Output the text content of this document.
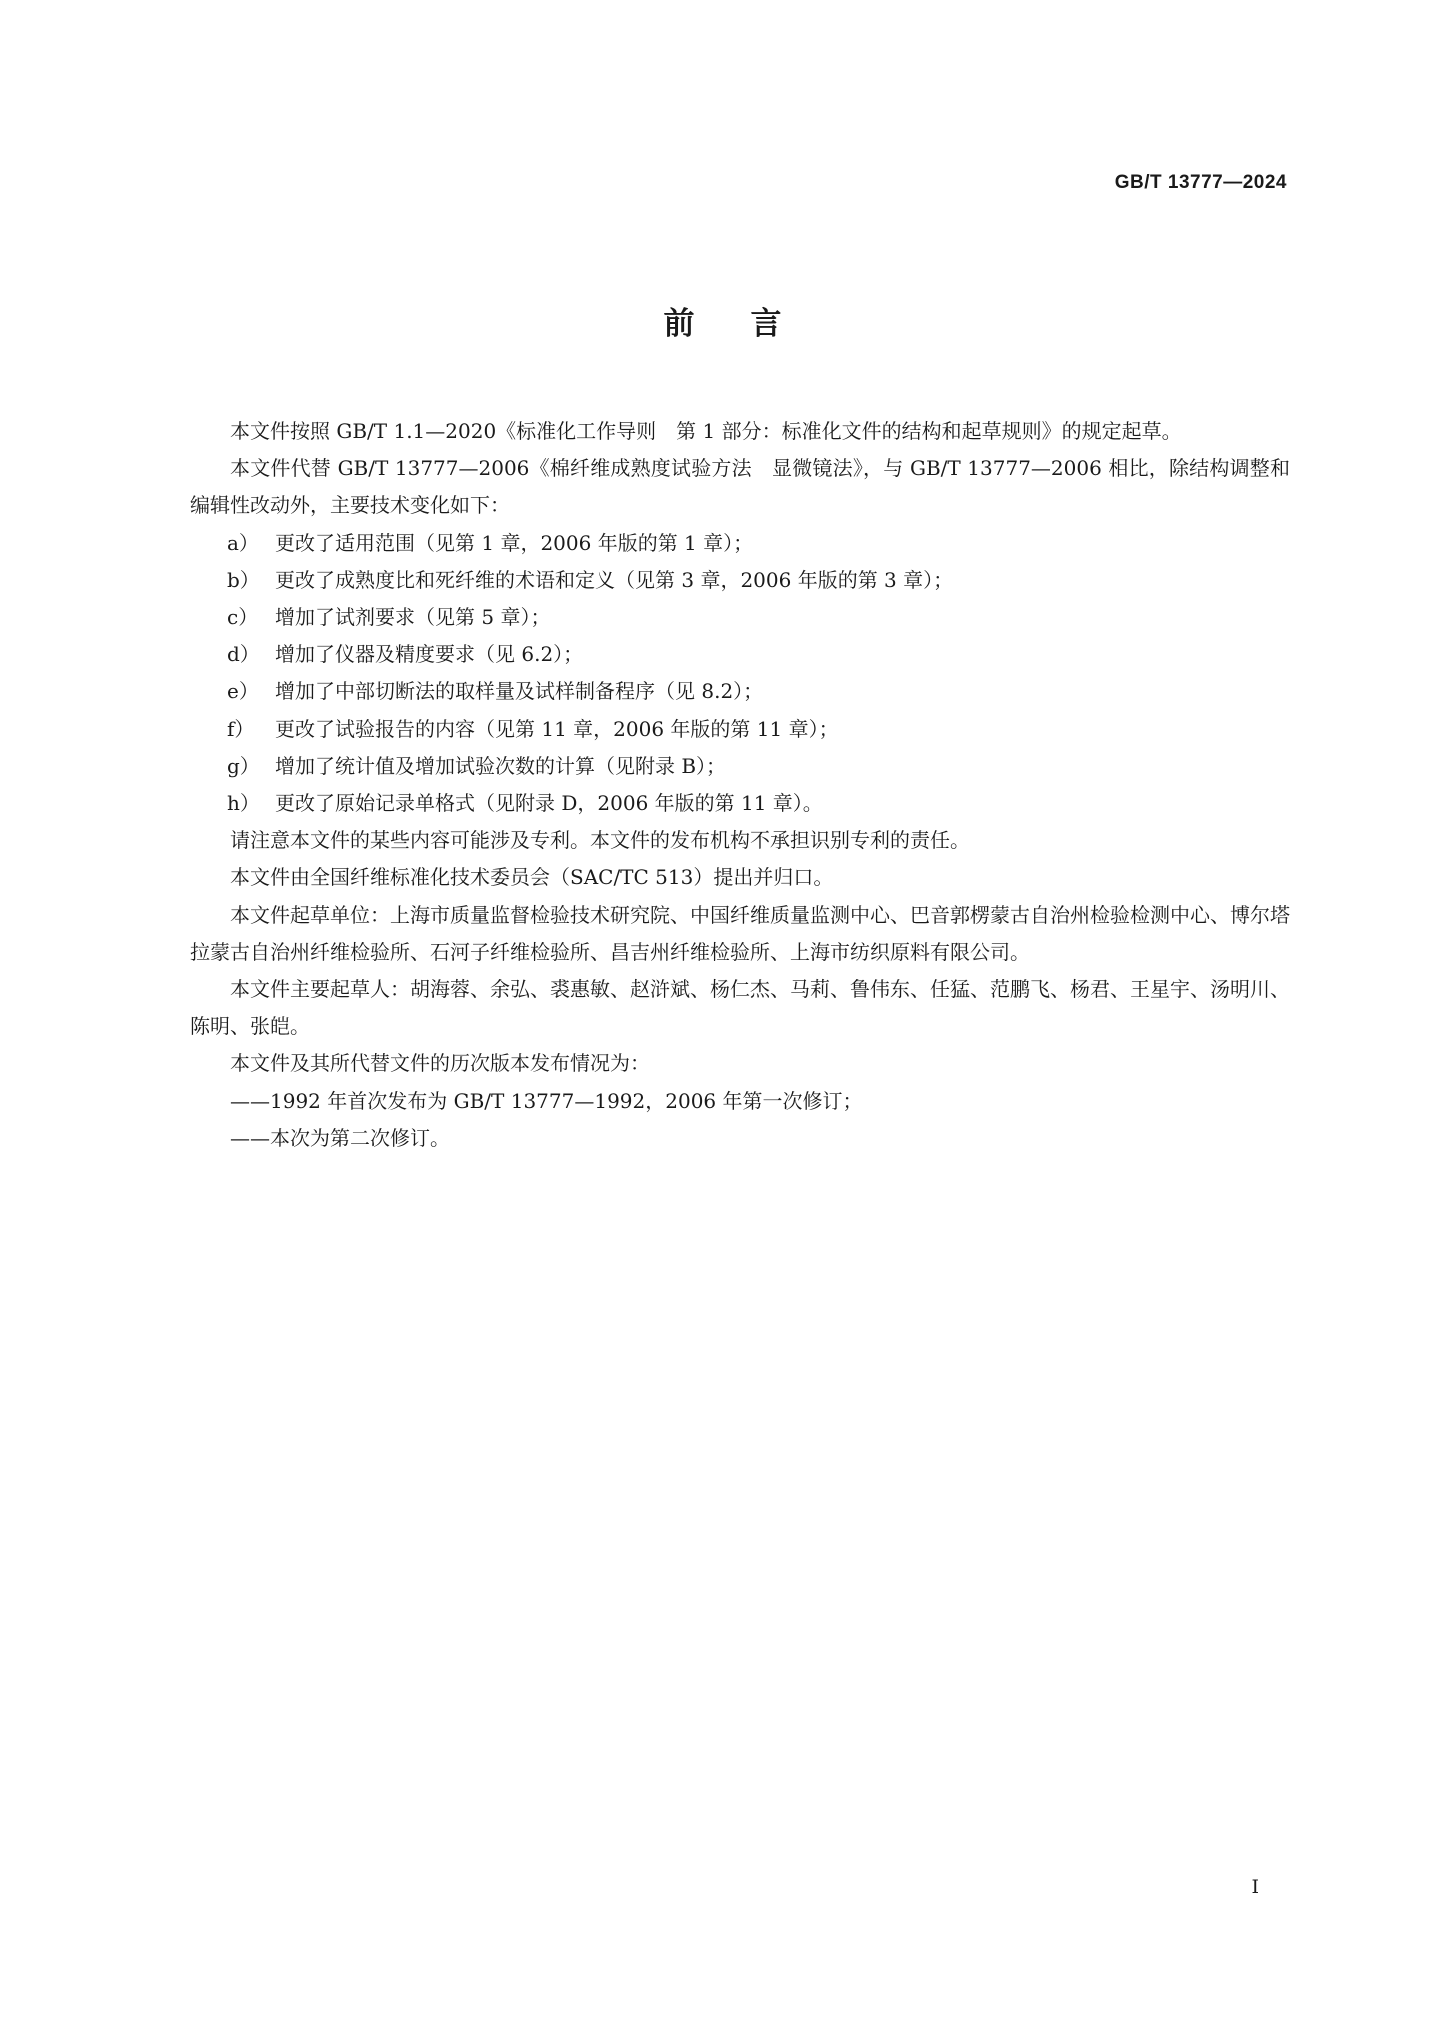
GB/T 13777—2024
前言

本文件按照 GB/T 1.1—2020《标准化工作导则　第 1 部分：标准化文件的结构和起草规则》的规定起草。

本文件代替 GB/T 13777—2006《棉纤维成熟度试验方法　显微镜法》，与 GB/T 13777—2006 相比，除结构调整和编辑性改动外，主要技术变化如下：

a） 更改了适用范围（见第 1 章，2006 年版的第 1 章）；

b） 更改了成熟度比和死纤维的术语和定义（见第 3 章，2006 年版的第 3 章）；

c） 增加了试剂要求（见第 5 章）；

d） 增加了仪器及精度要求（见 6.2）；

e） 增加了中部切断法的取样量及试样制备程序（见 8.2）；

f） 更改了试验报告的内容（见第 11 章，2006 年版的第 11 章）；

g） 增加了统计值及增加试验次数的计算（见附录 B）；

h） 更改了原始记录单格式（见附录 D，2006 年版的第 11 章）。

请注意本文件的某些内容可能涉及专利。本文件的发布机构不承担识别专利的责任。

本文件由全国纤维标准化技术委员会（SAC/TC 513）提出并归口。

本文件起草单位：上海市质量监督检验技术研究院、中国纤维质量监测中心、巴音郭楞蒙古自治州检验检测中心、博尔塔拉蒙古自治州纤维检验所、石河子纤维检验所、昌吉州纤维检验所、上海市纺织原料有限公司。

本文件主要起草人：胡海蓉、余弘、裘惠敏、赵浒斌、杨仁杰、马莉、鲁伟东、任猛、范鹏飞、杨君、王星宇、汤明川、陈明、张皑。

本文件及其所代替文件的历次版本发布情况为：

——1992 年首次发布为 GB/T 13777—1992，2006 年第一次修订；

——本次为第二次修订。

I
